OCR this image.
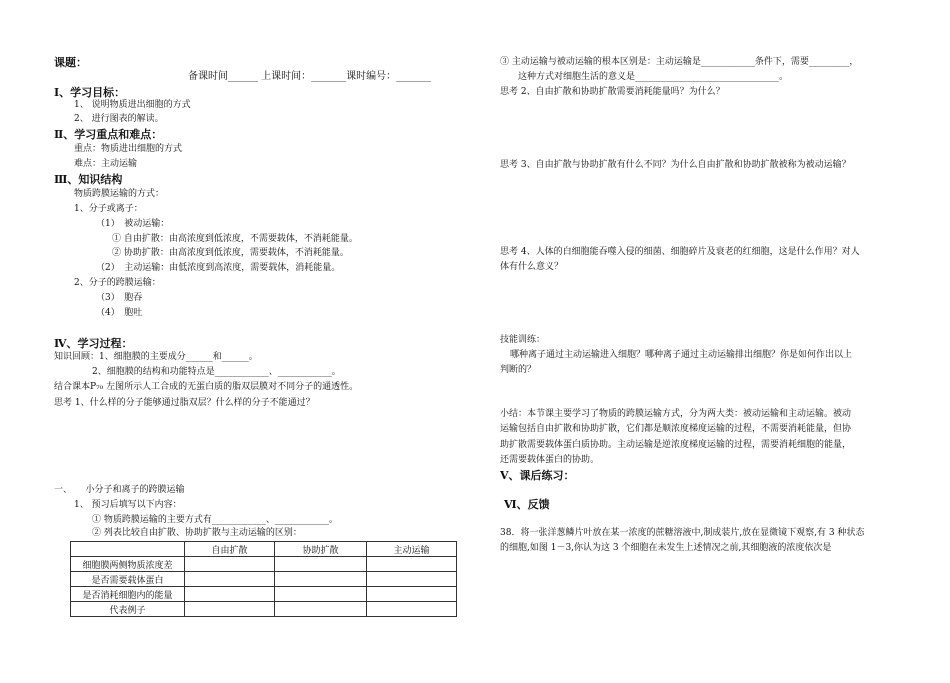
课题：
备课时间______ 上课时间：_______课时编号：_______
Ⅰ、学习目标：
1、 说明物质进出细胞的方式
2、 进行图表的解读。
Ⅱ、学习重点和难点：
重点：物质进出细胞的方式
难点：主动运输
Ⅲ、知识结构
物质跨膜运输的方式：
1、分子或离子：
（1）　被动运输：
① 自由扩散：由高浓度到低浓度，不需要载体，不消耗能量。
② 协助扩散：由高浓度到低浓度，需要载体，不消耗能量。
（2）　主动运输：由低浓度到高浓度，需要载体，消耗能量。
2、分子的跨膜运输：
（3）　胞吞
（4）　胞吐
Ⅳ、学习过程：
知识回顾：1、细胞膜的主要成分______和______。
2、细胞膜的结构和功能特点是____________、____________。
结合课本P₇₀ 左图所示人工合成的无蛋白质的脂双层膜对不同分子的通透性。
思考 1、什么样的分子能够通过脂双层？什么样的分子不能通过？
一、　　小分子和离子的跨膜运输
1、 预习后填写以下内容：
① 物质跨膜运输的主要方式有____________、____________。
② 列表比较自由扩散、协助扩散与主动运输的区别：
	自由扩散	协助扩散	主动运输
细胞膜两侧物质浓度差			
是否需要载体蛋白			
是否消耗细胞内的能量			
代表例子			
③ 主动运输与被动运输的根本区别是：主动运输是____________条件下，需要_________，
这种方式对细胞生活的意义是________________________________。
思考 2、自由扩散和协助扩散需要消耗能量吗？为什么？
思考 3、自由扩散与协助扩散有什么不同？为什么自由扩散和协助扩散被称为被动运输？
思考 4、人体的白细胞能吞噬入侵的细菌、细胞碎片及衰老的红细胞，这是什么作用？对人
体有什么意义？
技能训练：
哪种离子通过主动运输进入细胞？哪种离子通过主动运输排出细胞？你是如何作出以上
判断的？
小结：本节课主要学习了物质的跨膜运输方式，分为两大类：被动运输和主动运输。被动
运输包括自由扩散和协助扩散，它们都是顺浓度梯度运输的过程，不需要消耗能量，但协
助扩散需要载体蛋白质协助。主动运输是逆浓度梯度运输的过程，需要消耗细胞的能量，
还需要载体蛋白的协助。
Ⅴ、课后练习：
Ⅵ、反馈
38．将一张洋葱鳞片叶放在某一浓度的蔗糖溶液中,制成装片,放在显微镜下观察,有 3 种状态
的细胞,如图 1－3,你认为这 3 个细胞在未发生上述情况之前,其细胞液的浓度依次是
